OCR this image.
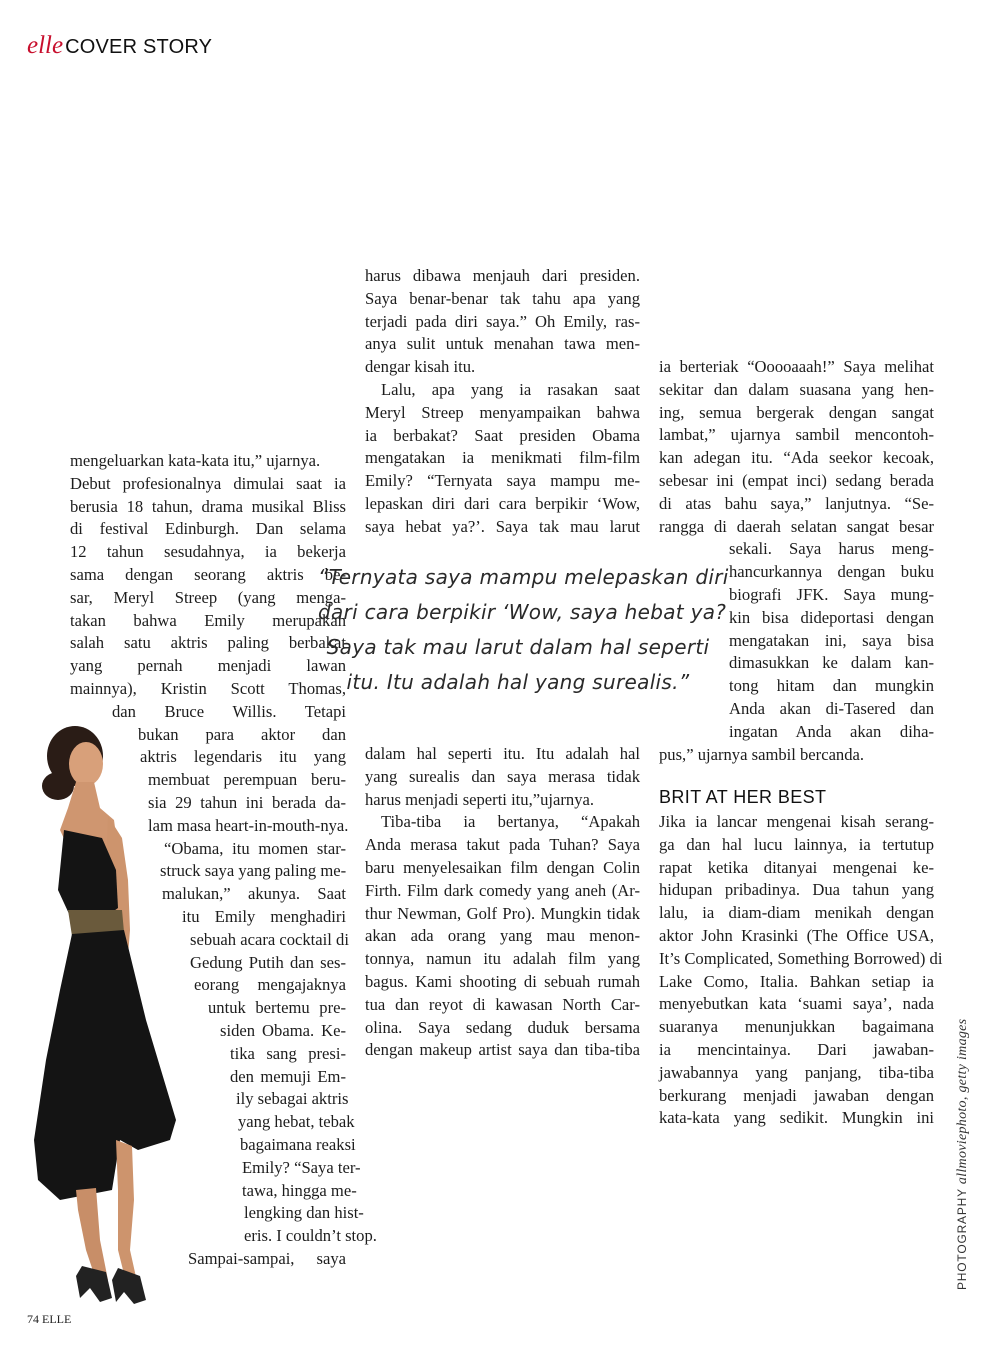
elle COVER STORY
mengeluarkan kata-kata itu,” ujarnya.
Debut profesionalnya dimulai saat ia
berusia 18 tahun, drama musikal Bliss
di festival Edinburgh. Dan selama
12 tahun sesudahnya, ia bekerja
sama dengan seorang aktris be-
sar, Meryl Streep (yang menga-
takan bahwa Emily merupakan
salah satu aktris paling berbakat
yang pernah menjadi lawan
mainnya), Kristin Scott Thomas,
dan Bruce Willis. Tetapi
bukan para aktor dan
aktris legendaris itu yang
membuat perempuan beru-
sia 29 tahun ini berada da-
lam masa heart-in-mouth-nya.
“Obama, itu momen star-
struck saya yang paling me-
malukan,” akunya. Saat
itu Emily menghadiri
sebuah acara cocktail di
Gedung Putih dan ses-
eorang mengajaknya
untuk bertemu pre-
siden Obama. Ke-
tika sang presi-
den memuji Em-
ily sebagai aktris
yang hebat, tebak
bagaimana reaksi
Emily? “Saya ter-
tawa, hingga me-
lengking dan hist-
eris. I couldn’t stop.
Sampai-sampai, saya
harus dibawa menjauh dari presiden.
Saya benar-benar tak tahu apa yang
terjadi pada diri saya.” Oh Emily, ras-
anya sulit untuk menahan tawa men-
dengar kisah itu.
Lalu, apa yang ia rasakan saat
Meryl Streep menyampaikan bahwa
ia berbakat? Saat presiden Obama
mengatakan ia menikmati film-film
Emily? “Ternyata saya mampu me-
lepaskan diri dari cara berpikir ‘Wow,
saya hebat ya?’. Saya tak mau larut
dalam hal seperti itu. Itu adalah hal
yang surealis dan saya merasa tidak
harus menjadi seperti itu,”ujarnya.
Tiba-tiba ia bertanya, “Apakah
Anda merasa takut pada Tuhan? Saya
baru menyelesaikan film dengan Colin
Firth. Film dark comedy yang aneh (Ar-
thur Newman, Golf Pro). Mungkin tidak
akan ada orang yang mau menon-
tonnya, namun itu adalah film yang
bagus. Kami shooting di sebuah rumah
tua dan reyot di kawasan North Car-
olina. Saya sedang duduk bersama
dengan makeup artist saya dan tiba-tiba
ia berteriak “Ooooaaah!” Saya melihat
sekitar dan dalam suasana yang hen-
ing, semua bergerak dengan sangat
lambat,” ujarnya sambil mencontoh-
kan adegan itu. “Ada seekor kecoak,
sebesar ini (empat inci) sedang berada
di atas bahu saya,” lanjutnya. “Se-
rangga di daerah selatan sangat besar
sekali. Saya harus meng-
hancurkannya dengan buku
biografi JFK. Saya mung-
kin bisa dideportasi dengan
mengatakan ini, saya bisa
dimasukkan ke dalam kan-
tong hitam dan mungkin
Anda akan di-Tasered dan
ingatan Anda akan diha-
pus,” ujarnya sambil bercanda.
BRIT AT HER BEST
Jika ia lancar mengenai kisah serang-
ga dan hal lucu lainnya, ia tertutup
rapat ketika ditanyai mengenai ke-
hidupan pribadinya. Dua tahun yang
lalu, ia diam-diam menikah dengan
aktor John Krasinki (The Office USA,
It’s Complicated, Something Borrowed) di
Lake Como, Italia. Bahkan setiap ia
menyebutkan kata ‘suami saya’, nada
suaranya menunjukkan bagaimana
ia mencintainya. Dari jawaban-
jawabannya yang panjang, tiba-tiba
berkurang menjadi jawaban dengan
kata-kata yang sedikit. Mungkin ini
“Ternyata saya mampu melepaskan diri
dari cara berpikir ‘Wow, saya hebat ya?
Saya tak mau larut dalam hal seperti
itu. Itu adalah hal yang surealis.”
PHOTOGRAPHY allmoviephoto, getty images
74 ELLE
